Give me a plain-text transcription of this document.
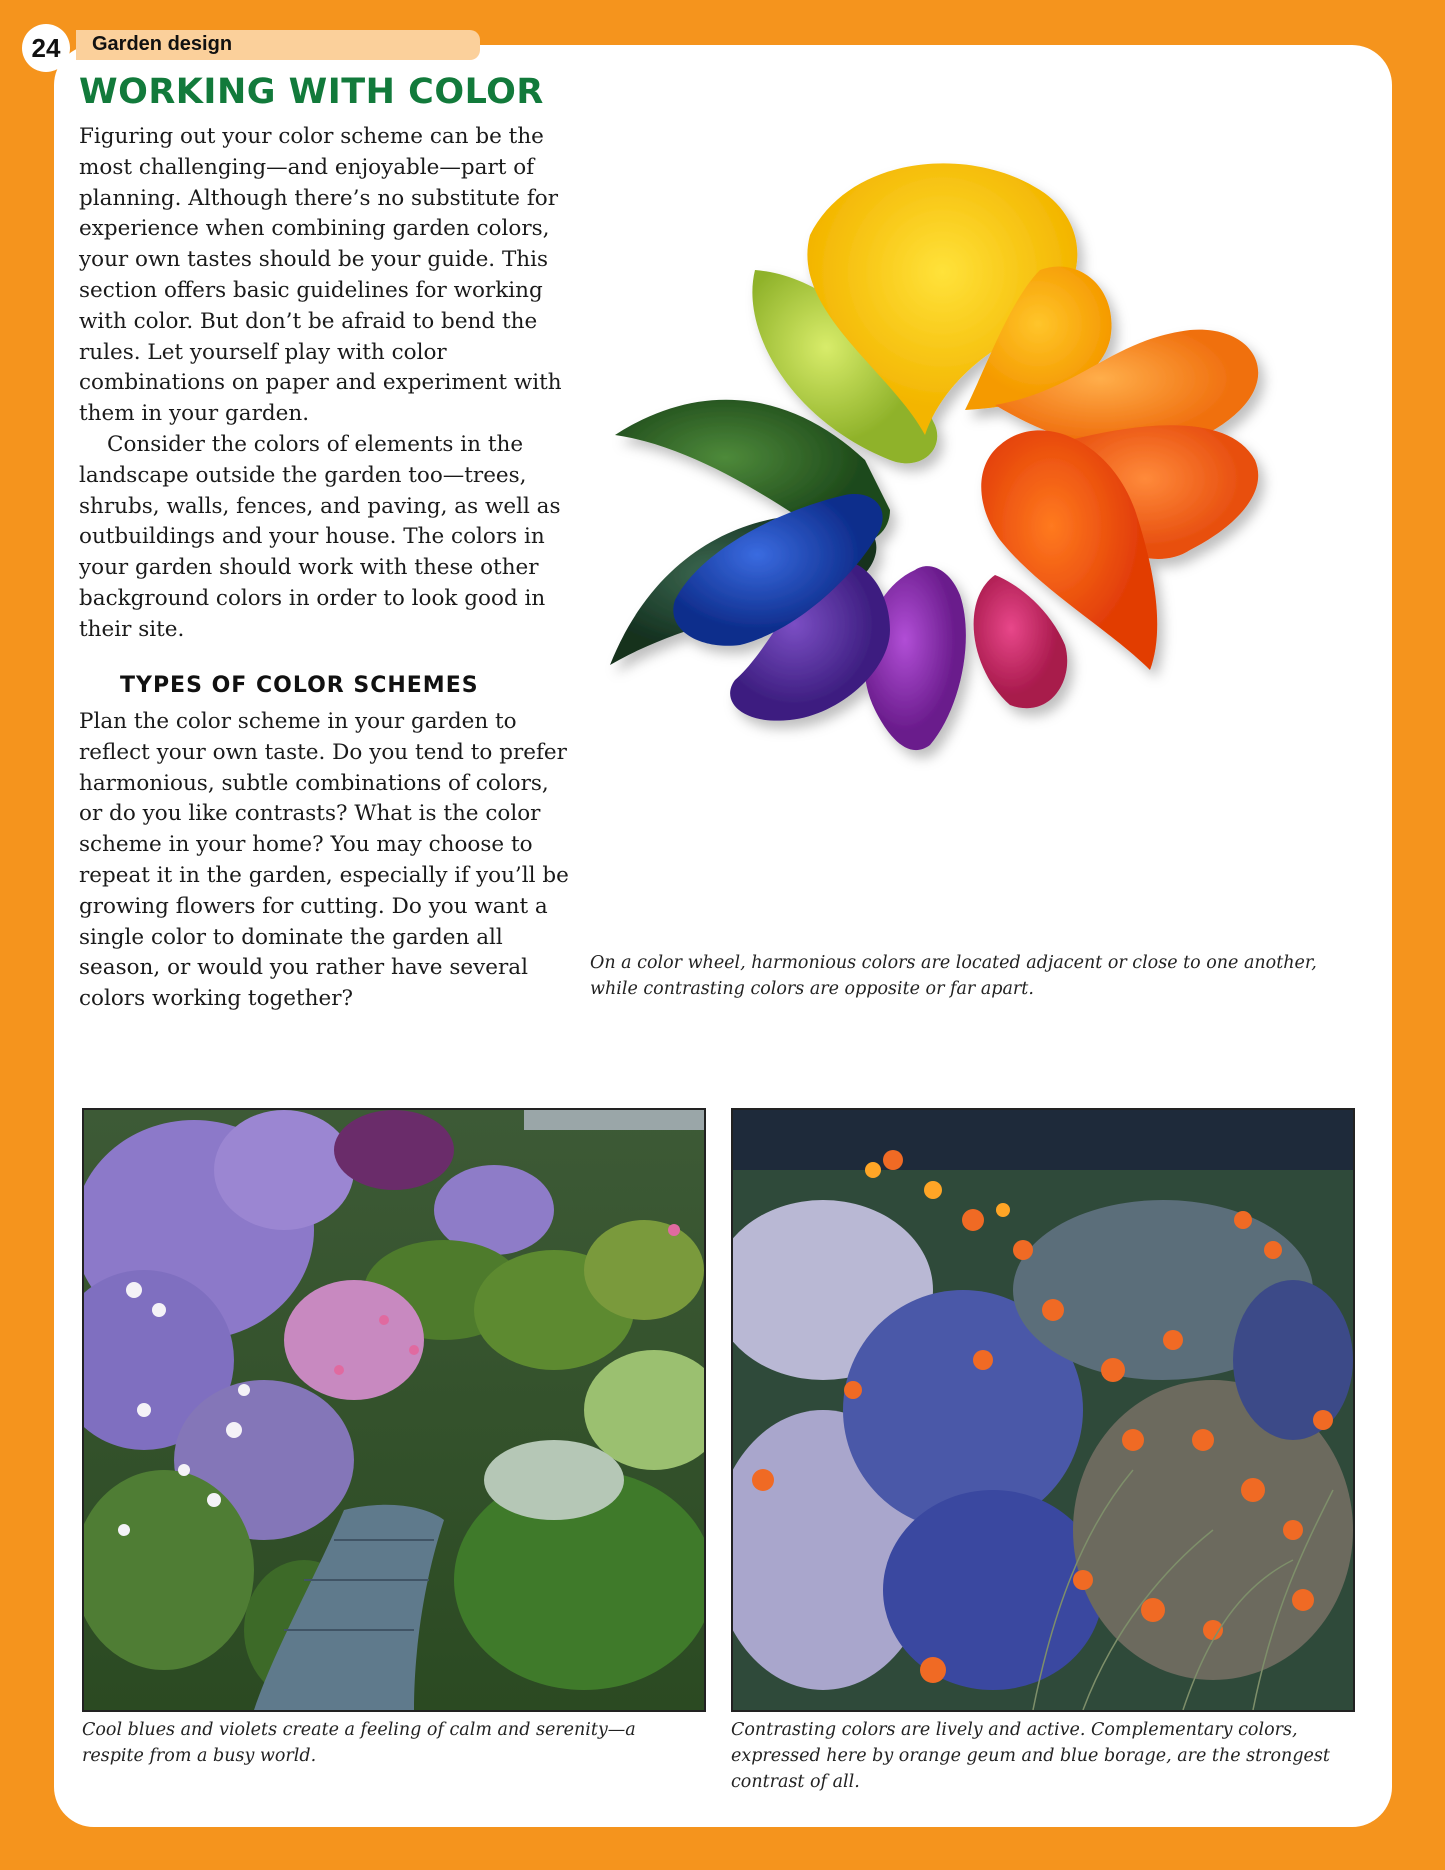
24	Garden design
WORKING WITH COLOR

Figuring out your color scheme can be the most challenging—and enjoyable—part of planning. Although there’s no substitute for experience when combining garden colors, your own tastes should be your guide. This section offers basic guidelines for working with color. But don’t be afraid to bend the rules. Let yourself play with color combinations on paper and experiment with them in your garden.

Consider the colors of elements in the landscape outside the garden too—trees, shrubs, walls, fences, and paving, as well as outbuildings and your house. The colors in your garden should work with these other background colors in order to look good in their site.

TYPES OF COLOR SCHEMES

Plan the color scheme in your garden to reflect your own taste. Do you tend to prefer harmonious, subtle combinations of colors, or do you like contrasts? What is the color scheme in your home? You may choose to repeat it in the garden, especially if you’ll be growing flowers for cutting. Do you want a single color to dominate the garden all season, or would you rather have several colors working together?

On a color wheel, harmonious colors are located adjacent or close to one another, while contrasting colors are opposite or far apart.

Cool blues and violets create a feeling of calm and serenity—a respite from a busy world.

Contrasting colors are lively and active. Complementary colors, expressed here by orange geum and blue borage, are the strongest contrast of all.
